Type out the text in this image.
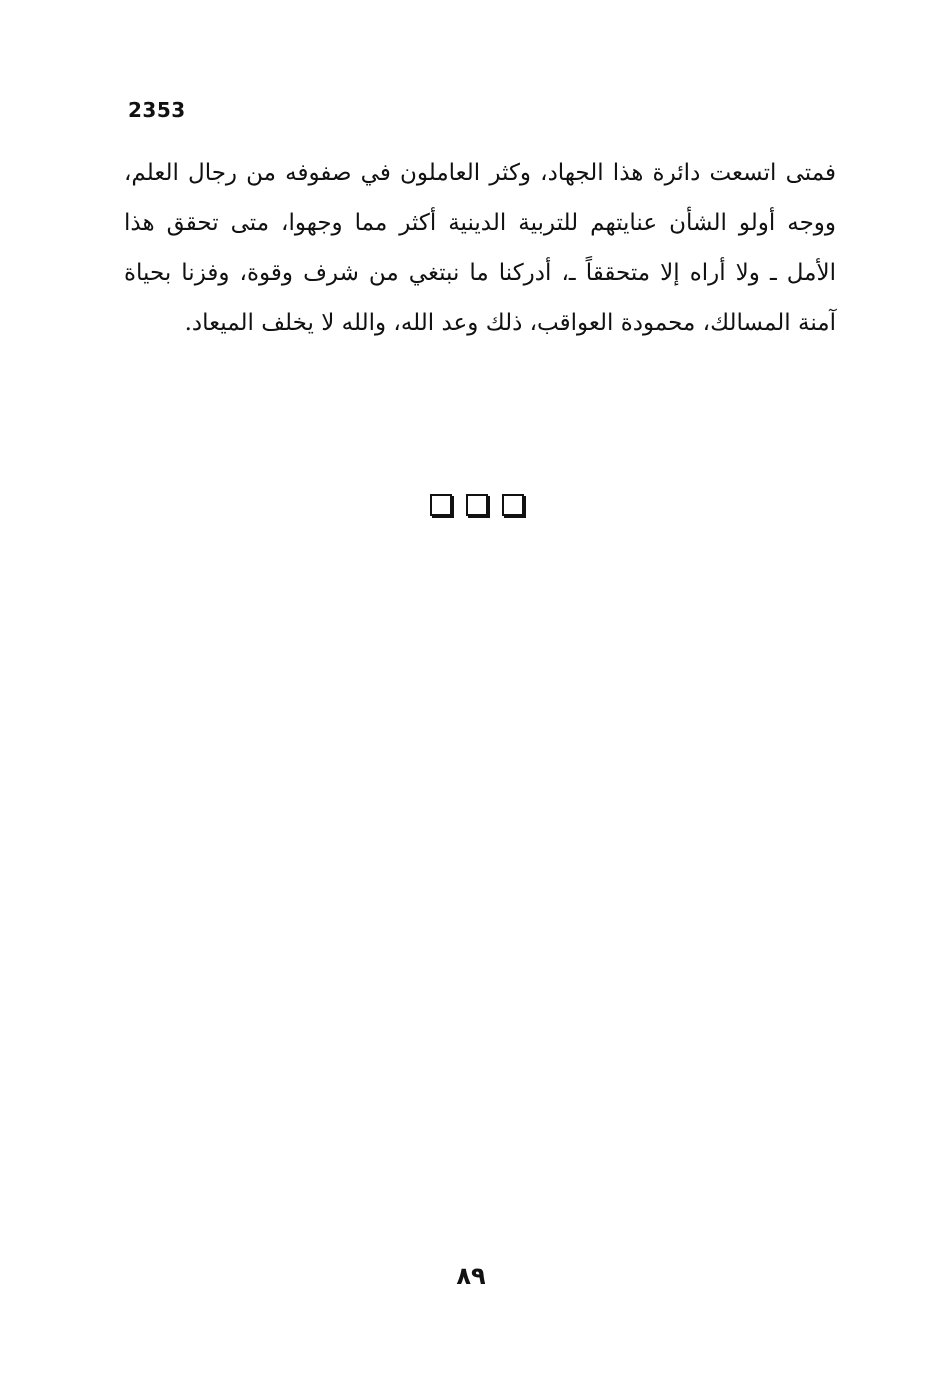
2353
فمتى اتسعت دائرة هذا الجهاد، وكثر العاملون في صفوفه من رجال العلم، ووجه أولو الشأن عنايتهم للتربية الدينية أكثر مما وجهوا، متى تحقق هذا الأمل ـ ولا أراه إلا متحققاً ـ، أدركنا ما نبتغي من شرف وقوة، وفزنا بحياة آمنة المسالك، محمودة العواقب، ذلك وعد الله، والله لا يخلف الميعاد.
٨٩
